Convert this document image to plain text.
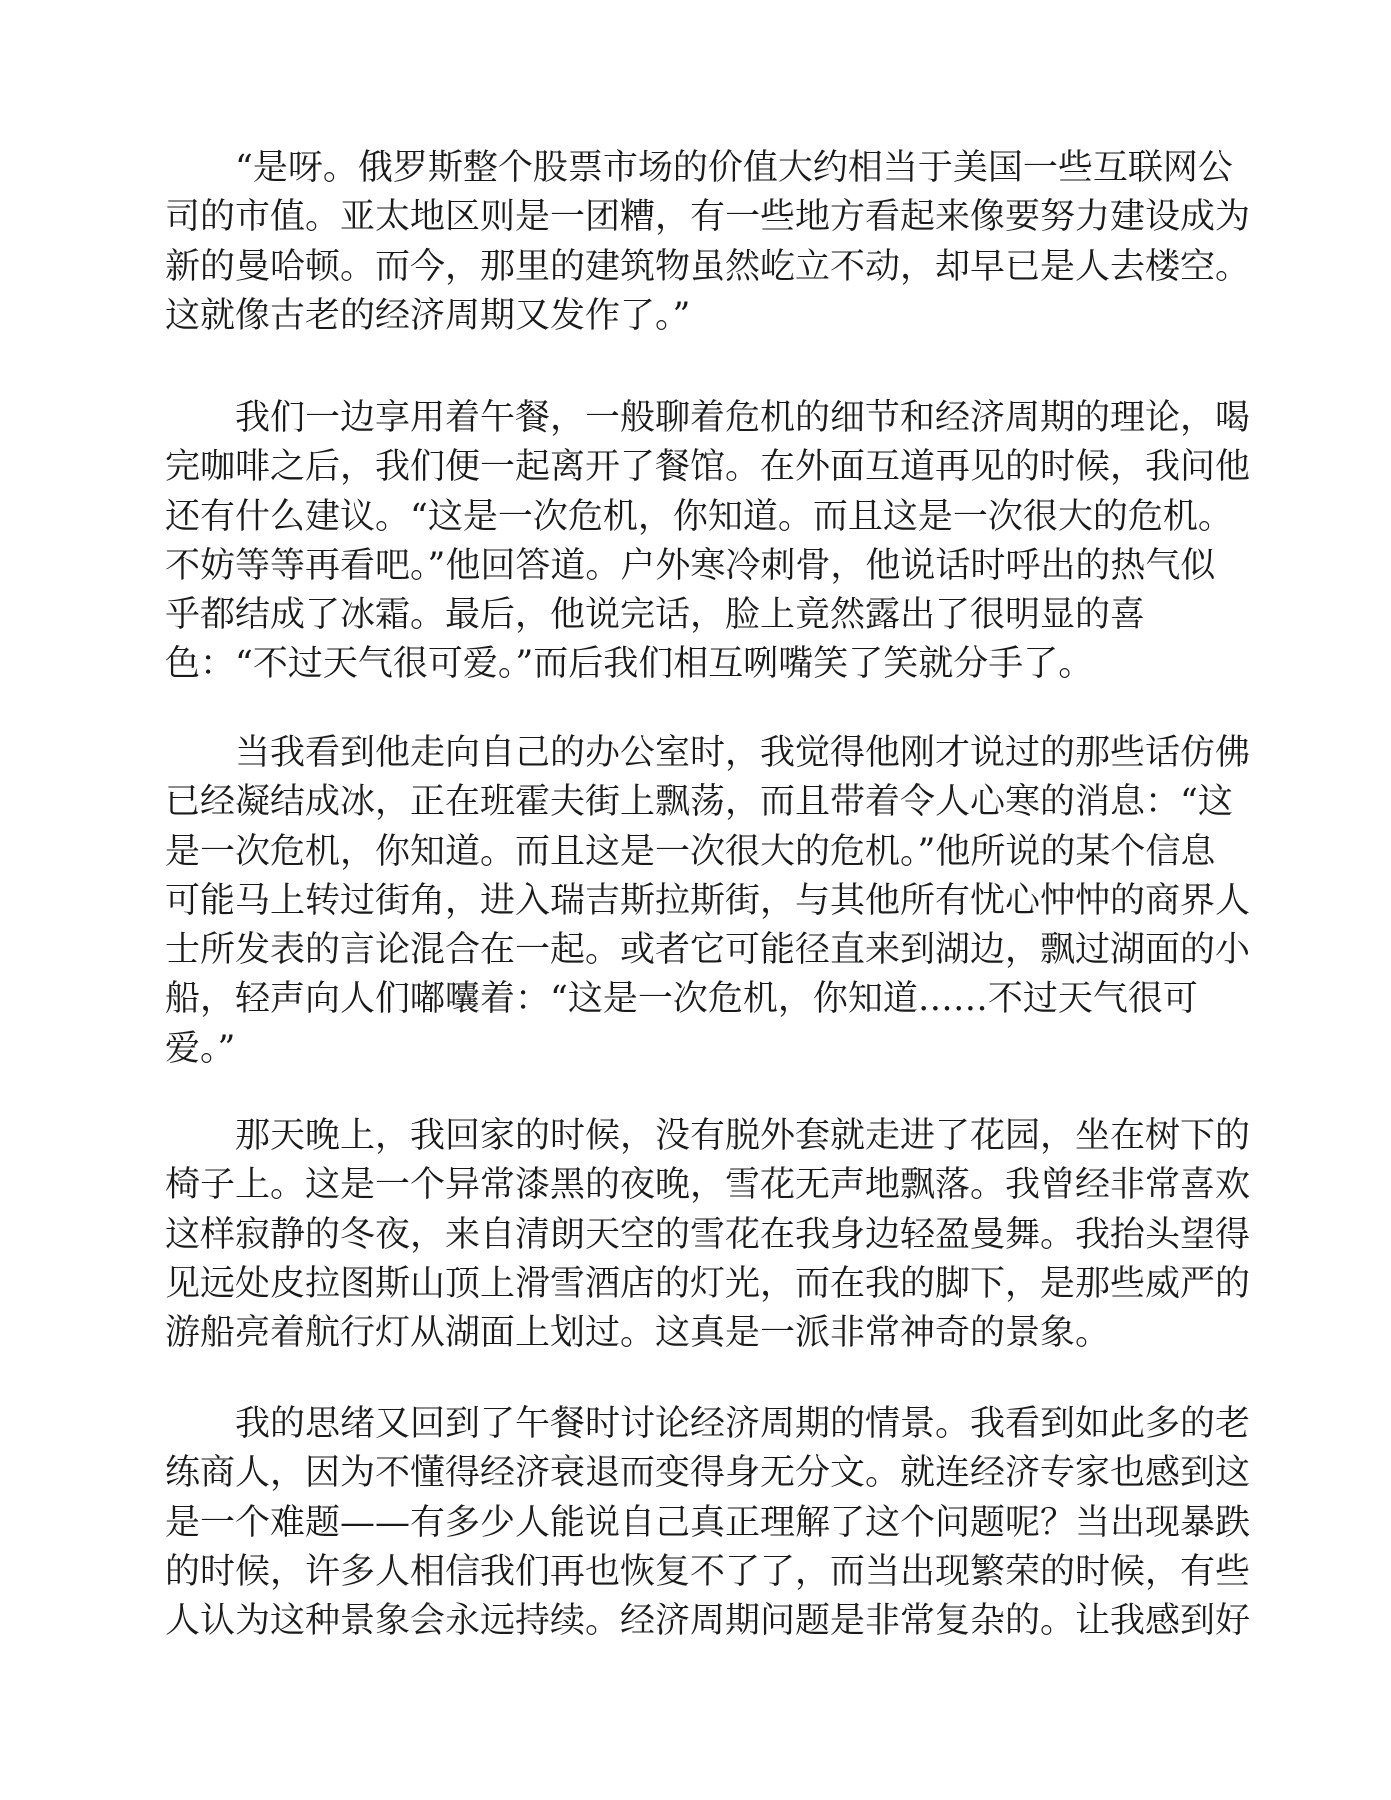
“是呀。俄罗斯整个股票市场的价值大约相当于美国一些互联网公
司的市值。亚太地区则是一团糟，有一些地方看起来像要努力建设成为
新的曼哈顿。而今，那里的建筑物虽然屹立不动，却早已是人去楼空。
这就像古老的经济周期又发作了。”
我们一边享用着午餐，一般聊着危机的细节和经济周期的理论，喝
完咖啡之后，我们便一起离开了餐馆。在外面互道再见的时候，我问他
还有什么建议。“这是一次危机，你知道。而且这是一次很大的危机。
不妨等等再看吧。”他回答道。户外寒冷刺骨，他说话时呼出的热气似
乎都结成了冰霜。最后，他说完话，脸上竟然露出了很明显的喜
色：“不过天气很可爱。”而后我们相互咧嘴笑了笑就分手了。
当我看到他走向自己的办公室时，我觉得他刚才说过的那些话仿佛
已经凝结成冰，正在班霍夫街上飘荡，而且带着令人心寒的消息：“这
是一次危机，你知道。而且这是一次很大的危机。”他所说的某个信息
可能马上转过街角，进入瑞吉斯拉斯街，与其他所有忧心忡忡的商界人
士所发表的言论混合在一起。或者它可能径直来到湖边，飘过湖面的小
船，轻声向人们嘟囔着：“这是一次危机，你知道……不过天气很可
爱。”
那天晚上，我回家的时候，没有脱外套就走进了花园，坐在树下的
椅子上。这是一个异常漆黑的夜晚，雪花无声地飘落。我曾经非常喜欢
这样寂静的冬夜，来自清朗天空的雪花在我身边轻盈曼舞。我抬头望得
见远处皮拉图斯山顶上滑雪酒店的灯光，而在我的脚下，是那些威严的
游船亮着航行灯从湖面上划过。这真是一派非常神奇的景象。
我的思绪又回到了午餐时讨论经济周期的情景。我看到如此多的老
练商人，因为不懂得经济衰退而变得身无分文。就连经济专家也感到这
是一个难题——有多少人能说自己真正理解了这个问题呢？当出现暴跌
的时候，许多人相信我们再也恢复不了了，而当出现繁荣的时候，有些
人认为这种景象会永远持续。经济周期问题是非常复杂的。让我感到好
